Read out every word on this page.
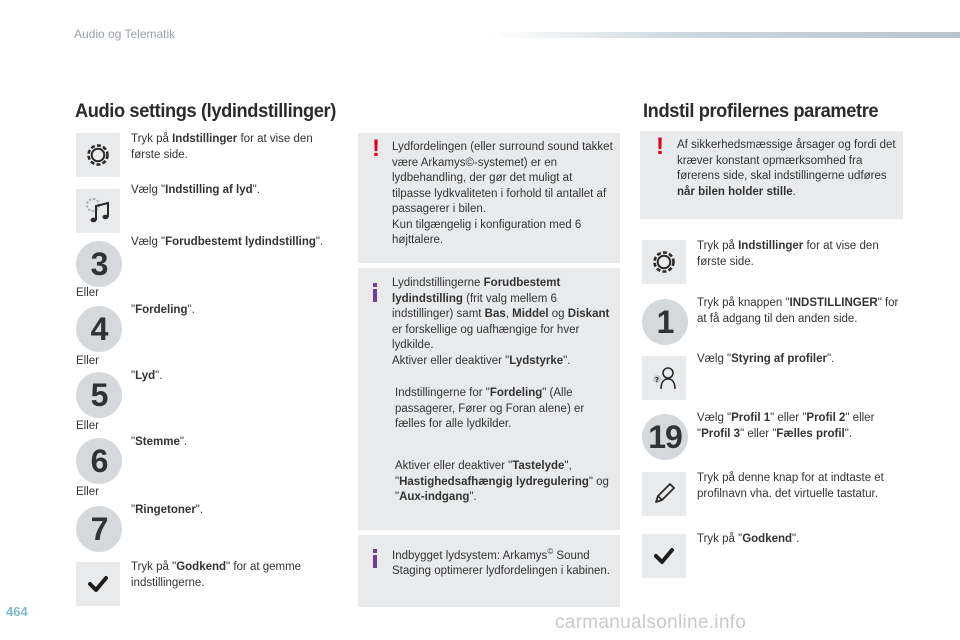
Audio og Telematik
Audio settings (lydindstillinger)
Tryk på Indstillinger for at vise den første side.
Vælg "Indstilling af lyd".
3
Vælg "Forudbestemt lydindstilling".
Eller
4
"Fordeling".
Eller
5
"Lyd".
Eller
6
"Stemme".
Eller
7
"Ringetoner".
Tryk på "Godkend" for at gemme indstillingerne.
! Lydfordelingen (eller surround sound takket være Arkamys©-systemet) er en lydbehandling, der gør det muligt at tilpasse lydkvaliteten i forhold til antallet af passagerer i bilen.
Kun tilgængelig i konfiguration med 6 højttalere.
Lydindstillingerne Forudbestemt lydindstilling (frit valg mellem 6 indstillinger) samt Bas, Middel og Diskant er forskellige og uafhængige for hver lydkilde.
Aktiver eller deaktiver "Lydstyrke".
Indstillingerne for "Fordeling" (Alle passagerer, Fører og Foran alene) er fælles for alle lydkilder.
Aktiver eller deaktiver "Tastelyde", "Hastighedsafhængig lydregulering" og "Aux-indgang".
Indbygget lydsystem: Arkamys© Sound Staging optimerer lydfordelingen i kabinen.
Indstil profilernes parametre
! Af sikkerhedsmæssige årsager og fordi det kræver konstant opmærksomhed fra førerens side, skal indstillingerne udføres når bilen holder stille.
Tryk på Indstillinger for at vise den første side.
1
Tryk på knappen "INDSTILLINGER" for at få adgang til den anden side.
?
Vælg "Styring af profiler".
19
Vælg "Profil 1" eller "Profil 2" eller "Profil 3" eller "Fælles profil".
Tryk på denne knap for at indtaste et profilnavn vha. det virtuelle tastatur.
Tryk på "Godkend".
464
carmanualsonline.info
